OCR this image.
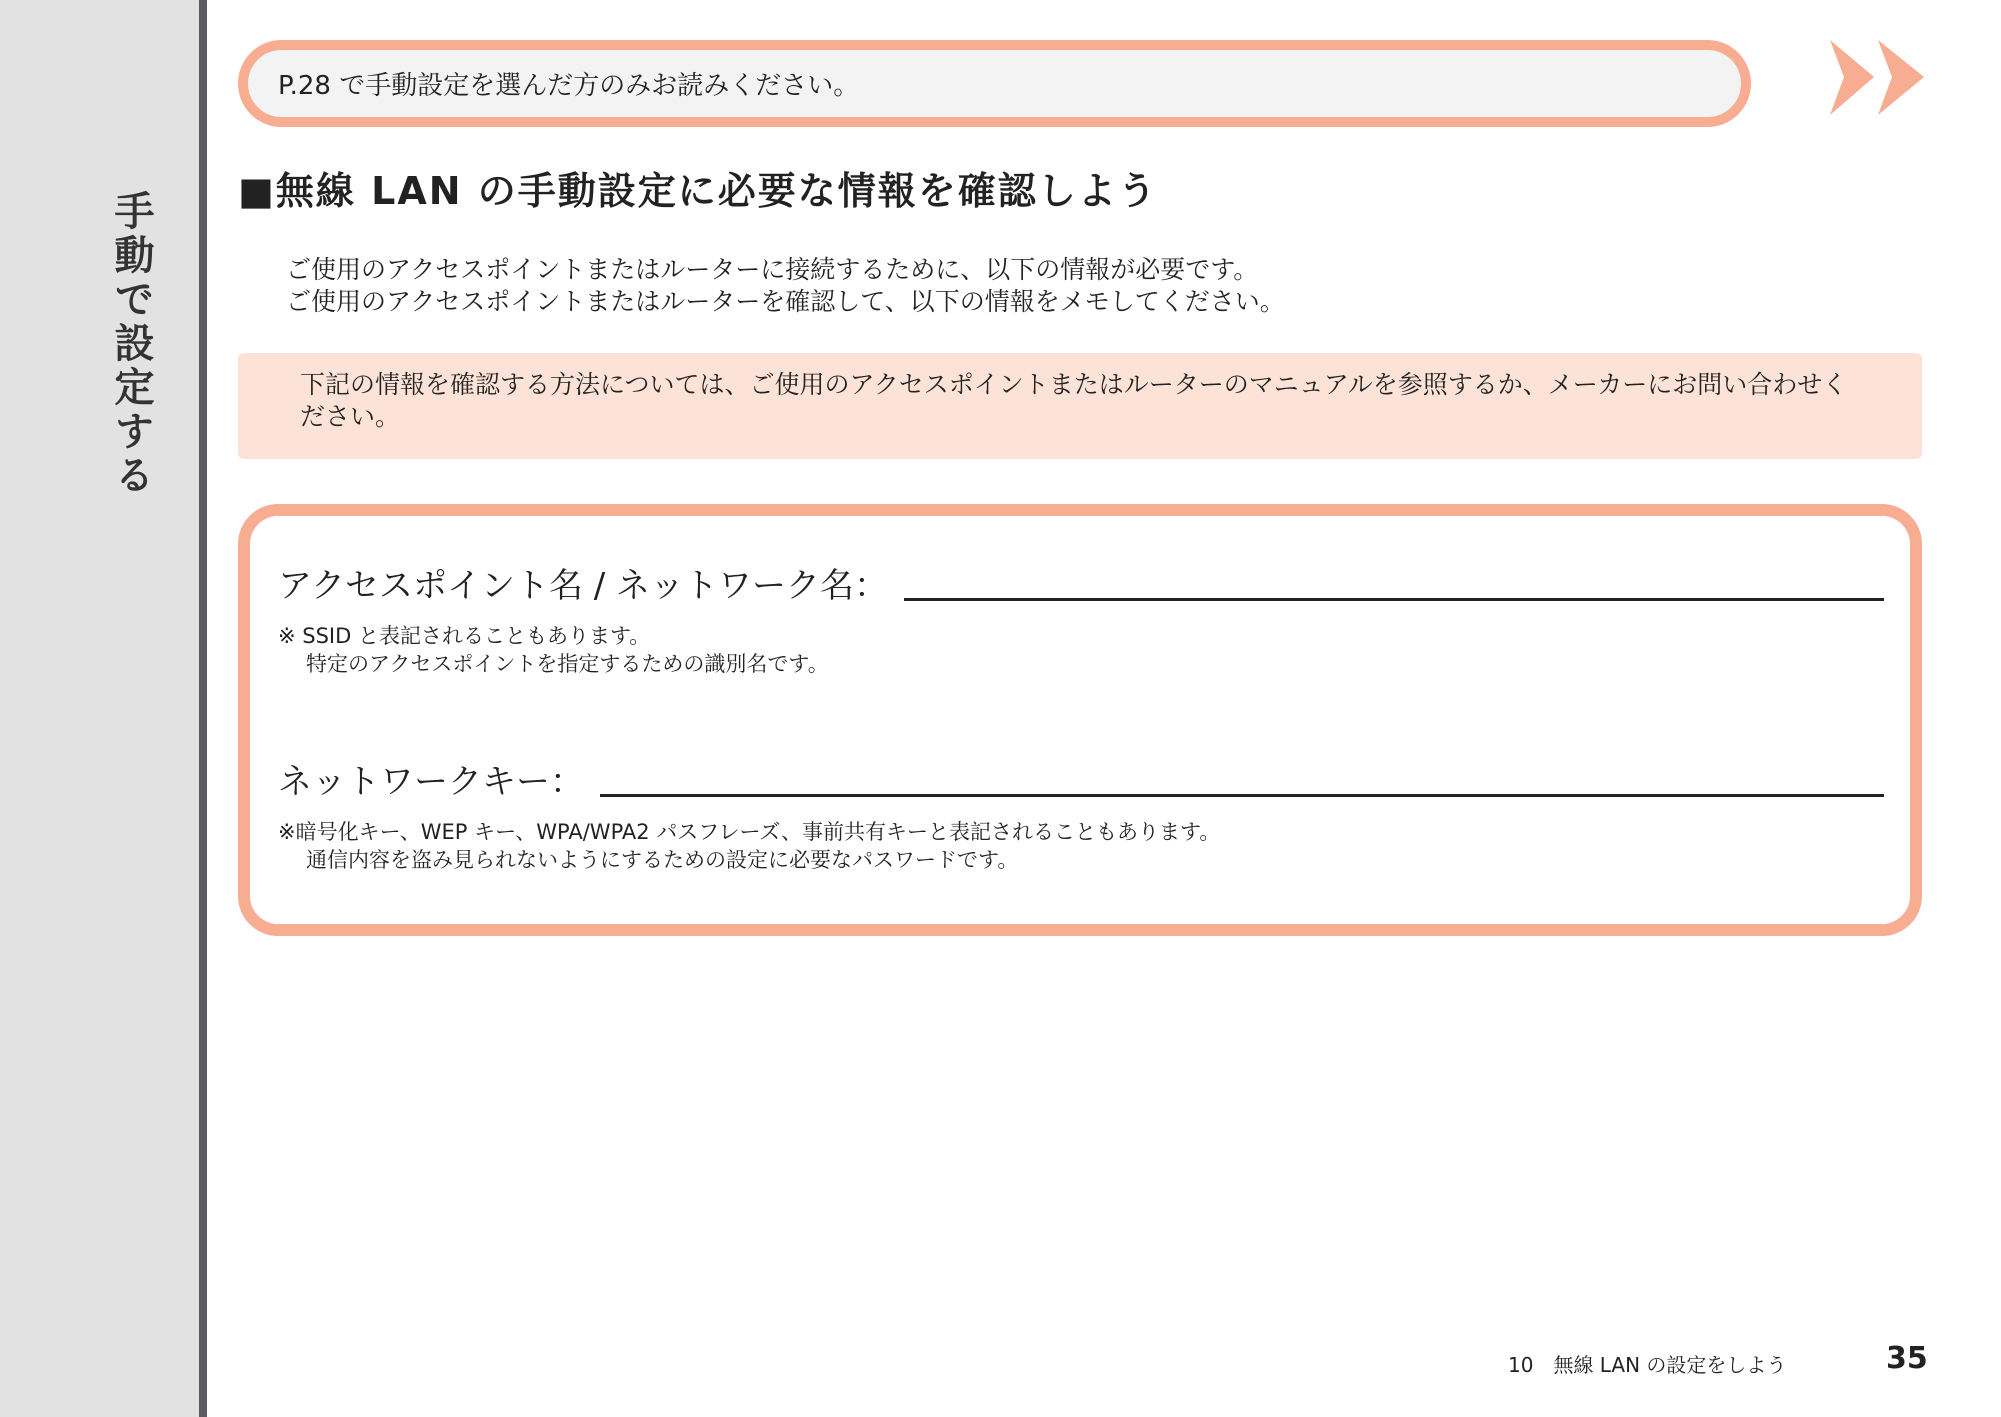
手動で設定する
P.28 で手動設定を選んだ方のみお読みください。
■無線 LAN の手動設定に必要な情報を確認しよう
ご使用のアクセスポイントまたはルーターに接続するために、以下の情報が必要です。
ご使用のアクセスポイントまたはルーターを確認して、以下の情報をメモしてください。
下記の情報を確認する方法については、ご使用のアクセスポイントまたはルーターのマニュアルを参照するか、メーカーにお問い合わせください。
アクセスポイント名 / ネットワーク名：
※ SSID と表記されることもあります。
特定のアクセスポイントを指定するための識別名です。
ネットワークキー：
※暗号化キー、WEP キー、WPA/WPA2 パスフレーズ、事前共有キーと表記されることもあります。
通信内容を盗み見られないようにするための設定に必要なパスワードです。
10　無線 LAN の設定をしよう	35
